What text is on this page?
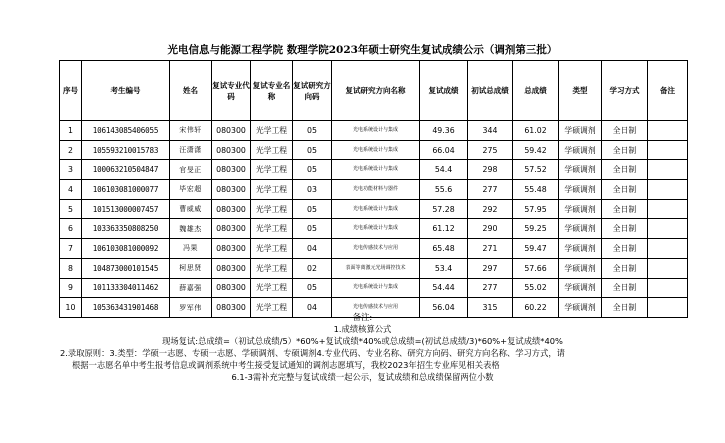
光电信息与能源工程学院 数理学院2023年硕士研究生复试成绩公示（调剂第三批）
序号	考生编号	姓名	复试专业代码	复试专业名称	复试研究方向码	复试研究方向名称	复试成绩	初试总成绩	总成绩	类型	学习方式	备注
1	106143085406055	宋伟轩	080300	光学工程	05	光电系统设计与集成	49.36	344	61.02	学硕调剂	全日制	
2	105593210015783	汪潇潇	080300	光学工程	05	光电系统设计与集成	66.04	275	59.42	学硕调剂	全日制	
3	100063210504847	官旻正	080300	光学工程	05	光电系统设计与集成	54.4	298	57.52	学硕调剂	全日制	
4	106103081000077	毕宏超	080300	光学工程	03	光电功能材料与器件	55.6	277	55.48	学硕调剂	全日制	
5	101513000007457	曹威威	080300	光学工程	05	光电系统设计与集成	57.28	292	57.95	学硕调剂	全日制	
6	103363350808250	魏雄杰	080300	光学工程	05	光电系统设计与集成	61.12	290	59.25	学硕调剂	全日制	
7	106103081000092	冯果	080300	光学工程	04	光电传感技术与应用	65.48	271	59.47	学硕调剂	全日制	
8	104873000101545	柯思贤	080300	光学工程	02	表面等离激元光场调控技术	53.4	297	57.66	学硕调剂	全日制	
9	101133304011462	薛嘉强	080300	光学工程	05	光电系统设计与集成	54.44	277	55.02	学硕调剂	全日制	
10	105363431901468	罗军伟	080300	光学工程	04	光电传感技术与应用	56.04	315	60.22	学硕调剂	全日制	
备注:
1.成绩核算公式
现场复试:总成绩=（初试总成绩/5）*60%+复试成绩*40%或总成绩=(初试总成绩/3)*60%+复试成绩*40%
2.录取原则：3.类型：学硕一志愿、专硕一志愿、学硕调剂、专硕调剂4.专业代码、专业名称、研究方向码、研究方向名称、学习方式，请
根据一志愿名单中考生报考信息或调剂系统中考生接受复试通知的调剂志愿填写，我校2023年招生专业库见相关表格
6.1-3需补充完整与复试成绩一起公示，复试成绩和总成绩保留两位小数
